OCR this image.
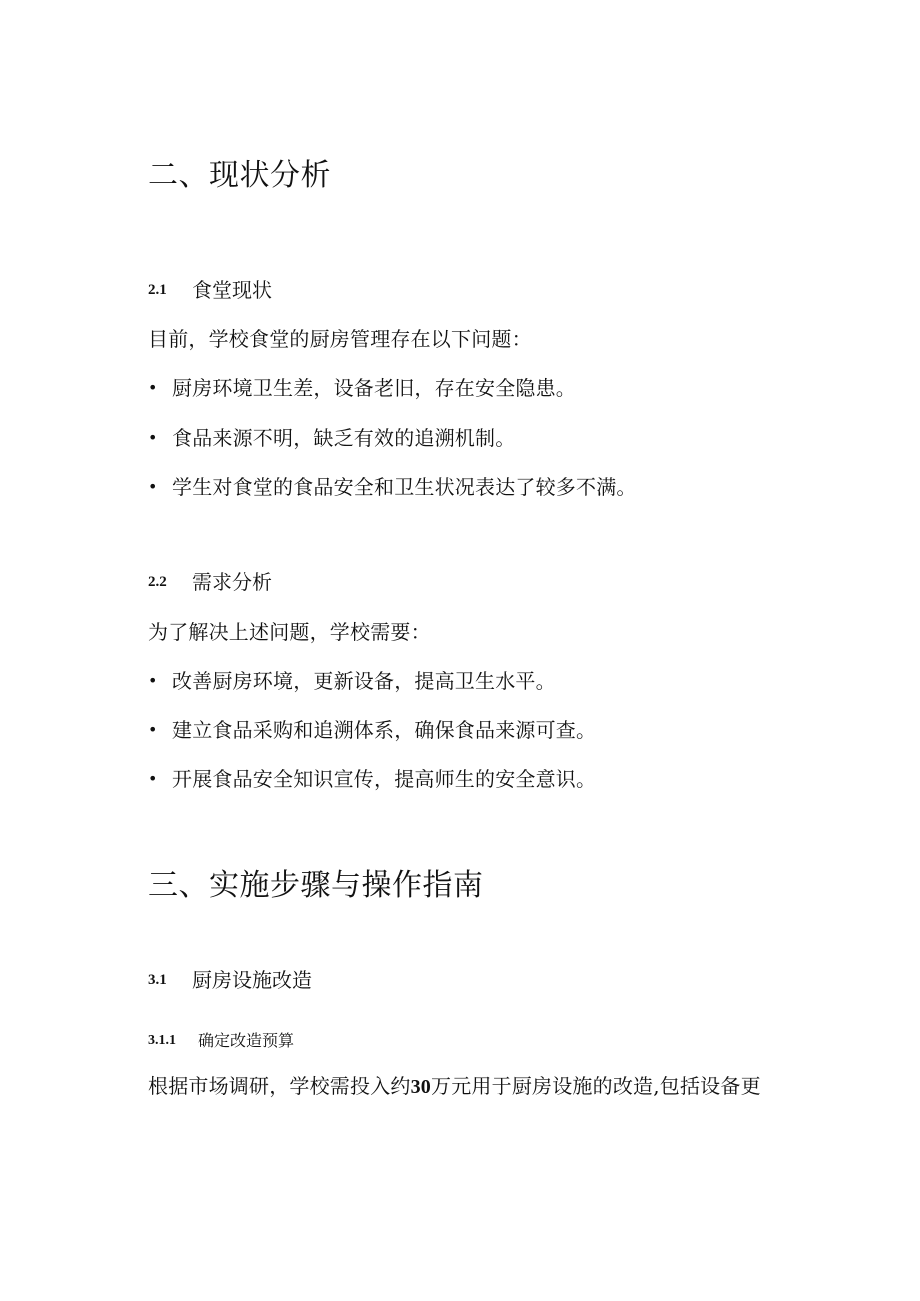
二、现状分析
2.1 食堂现状
目前，学校食堂的厨房管理存在以下问题：
• 厨房环境卫生差，设备老旧，存在安全隐患。
• 食品来源不明，缺乏有效的追溯机制。
• 学生对食堂的食品安全和卫生状况表达了较多不满。
2.2 需求分析
为了解决上述问题，学校需要：
• 改善厨房环境，更新设备，提高卫生水平。
• 建立食品采购和追溯体系，确保食品来源可查。
• 开展食品安全知识宣传，提高师生的安全意识。
三、实施步骤与操作指南
3.1 厨房设施改造
3.1.1 确定改造预算
根据市场调研，学校需投入约30万元用于厨房设施的改造,包括设备更
